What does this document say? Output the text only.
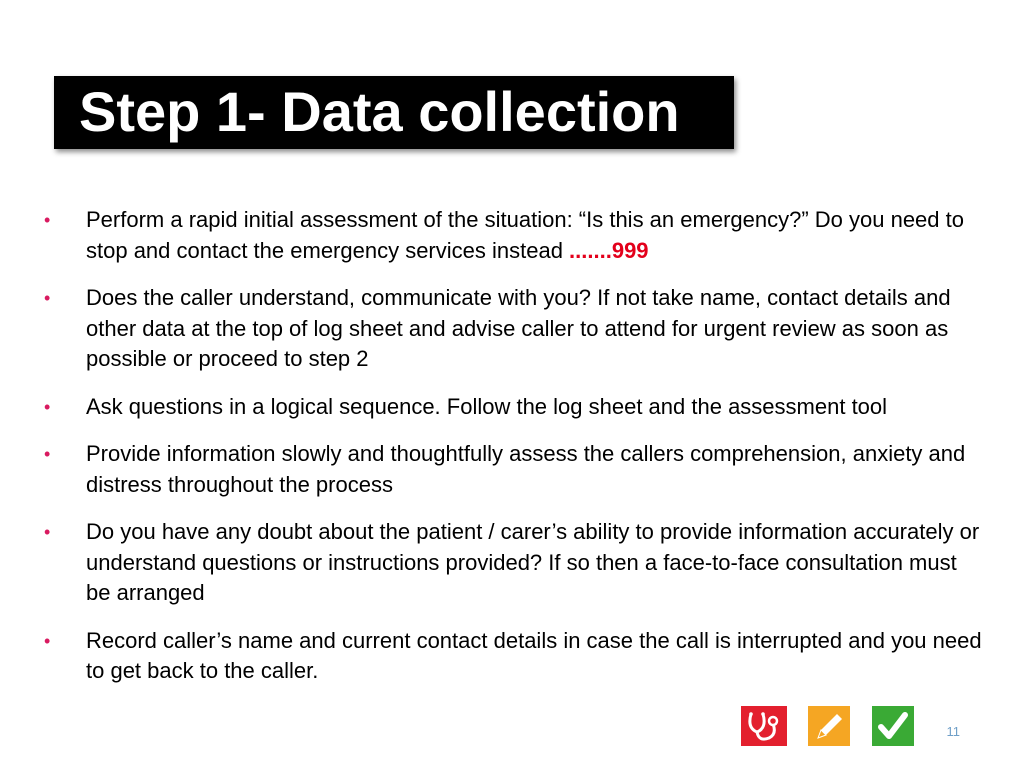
Step 1- Data collection
• Perform a rapid initial assessment of the situation: “Is this an emergency?” Do you need to stop and contact the emergency services instead .......999
• Does the caller understand, communicate with you? If not take name, contact details and other data at the top of log sheet and advise caller to attend for urgent review as soon as possible or proceed to step 2
• Ask questions in a logical sequence. Follow the log sheet and the assessment tool
• Provide information slowly and thoughtfully assess the callers comprehension, anxiety and distress throughout the process
• Do you have any doubt about the patient / carer’s ability to provide information accurately or understand questions or instructions provided? If so then a face-to-face consultation must be arranged
• Record caller’s name and current contact details in case the call is interrupted and you need to get back to the caller.
11
